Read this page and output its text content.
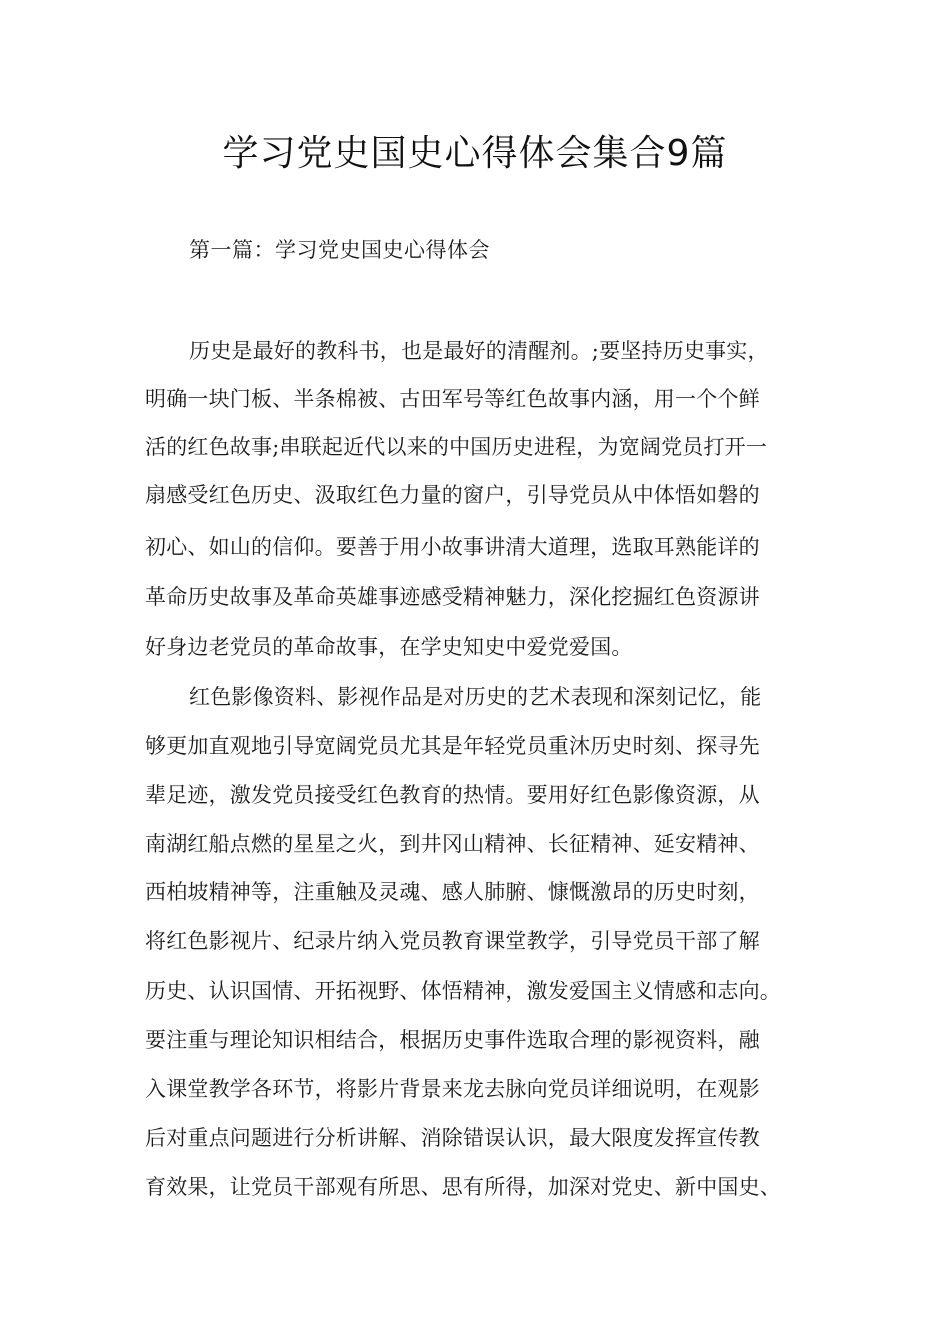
学习党史国史心得体会集合9篇
第一篇：学习党史国史心得体会
历史是最好的教科书，也是最好的清醒剂。;要坚持历史事实，
明确一块门板、半条棉被、古田军号等红色故事内涵，用一个个鲜
活的红色故事;串联起近代以来的中国历史进程，为宽阔党员打开一
扇感受红色历史、汲取红色力量的窗户，引导党员从中体悟如磐的
初心、如山的信仰。要善于用小故事讲清大道理，选取耳熟能详的
革命历史故事及革命英雄事迹感受精神魅力，深化挖掘红色资源讲
好身边老党员的革命故事，在学史知史中爱党爱国。
红色影像资料、影视作品是对历史的艺术表现和深刻记忆，能
够更加直观地引导宽阔党员尤其是年轻党员重沐历史时刻、探寻先
辈足迹，激发党员接受红色教育的热情。要用好红色影像资源，从
南湖红船点燃的星星之火，到井冈山精神、长征精神、延安精神、
西柏坡精神等，注重触及灵魂、感人肺腑、慷慨激昂的历史时刻，
将红色影视片、纪录片纳入党员教育课堂教学，引导党员干部了解
历史、认识国情、开拓视野、体悟精神，激发爱国主义情感和志向。
要注重与理论知识相结合，根据历史事件选取合理的影视资料，融
入课堂教学各环节，将影片背景来龙去脉向党员详细说明，在观影
后对重点问题进行分析讲解、消除错误认识，最大限度发挥宣传教
育效果，让党员干部观有所思、思有所得，加深对党史、新中国史、
